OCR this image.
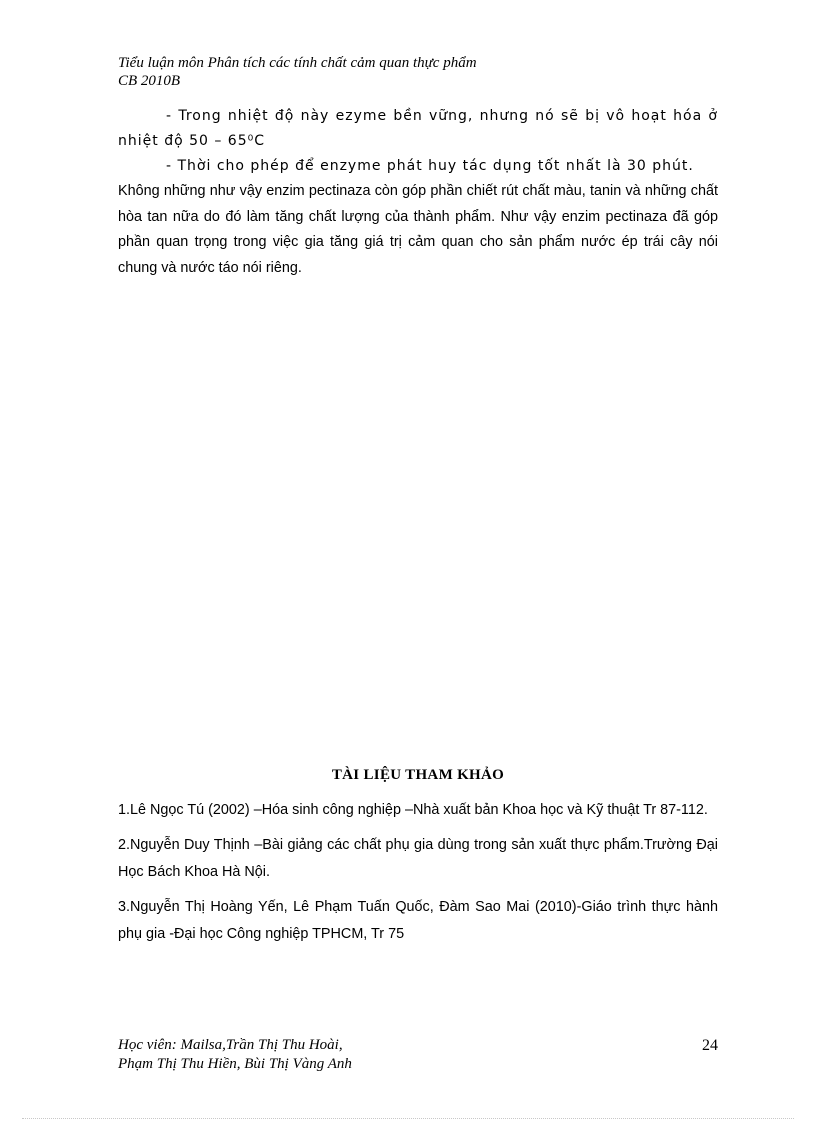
Tiểu luận môn Phân tích các tính chất cảm quan thực phẩm
CB 2010B
- Trong nhiệt độ này ezyme bền vững, nhưng nó sẽ bị vô hoạt hóa ở nhiệt độ 50 – 65⁰C
- Thời cho phép để enzyme phát huy tác dụng tốt nhất là 30 phút.
Không những như vậy enzim pectinaza còn góp phần chiết rút chất màu, tanin và những chất hòa tan nữa do đó làm tăng chất lượng của thành phẩm. Như vậy enzim pectinaza đã góp phần quan trọng trong việc gia tăng giá trị cảm quan cho sản phẩm nước ép trái cây nói chung và nước táo nói riêng.
TÀI LIỆU THAM KHẢO
1.Lê Ngọc Tú (2002) –Hóa sinh công nghiệp –Nhà xuất bản Khoa học và Kỹ thuật Tr 87-112.
2.Nguyễn Duy Thịnh –Bài giảng các chất phụ gia dùng trong sản xuất thực phẩm.Trường Đại Học Bách Khoa Hà Nội.
3.Nguyễn Thị Hoàng Yến, Lê Phạm Tuấn Quốc, Đàm Sao Mai (2010)-Giáo trình thực hành phụ gia -Đại học Công nghiệp TPHCM, Tr 75
Học viên: Mailsa,Trần Thị Thu Hoài,
Phạm Thị Thu Hiền, Bùi Thị Vàng Anh
24
